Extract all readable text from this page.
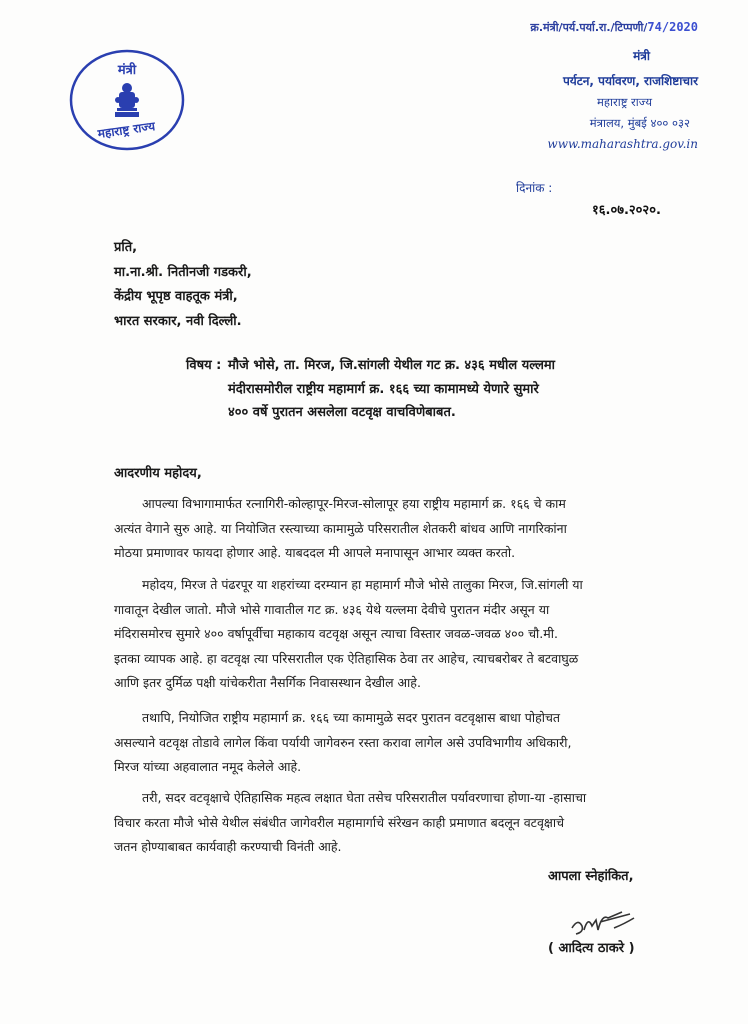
मंत्री
महाराष्ट्र राज्य
क्र.मंत्री/पर्य.पर्या.रा./टिप्पणी/74/2020
मंत्री
पर्यटन, पर्यावरण, राजशिष्टाचार
महाराष्ट्र राज्य
मंत्रालय, मुंबई ४०० ०३२
www.maharashtra.gov.in
दिनांक :
१६.०७.२०२०.
प्रति,
मा.ना.श्री. नितीनजी गडकरी,
केंद्रीय भूपृष्ठ वाहतूक मंत्री,
भारत सरकार, नवी दिल्ली.
विषय : मौजे भोसे, ता. मिरज, जि.सांगली येथील गट क्र. ४३६ मधील यल्लमा
मंदीरासमोरील राष्ट्रीय महामार्ग क्र. १६६ च्या कामामध्ये येणारे सुमारे
४०० वर्षे पुरातन असलेला वटवृक्ष वाचविणेबाबत.
आदरणीय महोदय,
आपल्या विभागामार्फत रत्नागिरी-कोल्हापूर-मिरज-सोलापूर हया राष्ट्रीय महामार्ग क्र. १६६ चे काम
अत्यंत वेगाने सुरु आहे. या नियोजित रस्त्याच्या कामामुळे परिसरातील शेतकरी बांधव आणि नागरिकांना
मोठया प्रमाणावर फायदा होणार आहे. याबददल मी आपले मनापासून आभार व्यक्त करतो.
महोदय, मिरज ते पंढरपूर या शहरांच्या दरम्यान हा महामार्ग मौजे भोसे तालुका मिरज, जि.सांगली या
गावातून देखील जातो. मौजे भोसे गावातील गट क्र. ४३६ येथे यल्लमा देवीचे पुरातन मंदीर असून या
मंदिरासमोरच सुमारे ४०० वर्षापूर्वीचा महाकाय वटवृक्ष असून त्याचा विस्तार जवळ-जवळ ४०० चौ.मी.
इतका व्यापक आहे. हा वटवृक्ष त्या परिसरातील एक ऐतिहासिक ठेवा तर आहेच, त्याचबरोबर ते बटवाघुळ
आणि इतर दुर्मिळ पक्षी यांचेकरीता नैसर्गिक निवासस्थान देखील आहे.
तथापि, नियोजित राष्ट्रीय महामार्ग क्र. १६६ च्या कामामुळे सदर पुरातन वटवृक्षास बाधा पोहोचत
असल्याने वटवृक्ष तोडावे लागेल किंवा पर्यायी जागेवरुन रस्ता करावा लागेल असे उपविभागीय अधिकारी,
मिरज यांच्या अहवालात नमूद केलेले आहे.
तरी, सदर वटवृक्षाचे ऐतिहासिक महत्व लक्षात घेता तसेच परिसरातील पर्यावरणाचा होणा-या -हासाचा
विचार करता मौजे भोसे येथील संबंधीत जागेवरील महामार्गाचे संरेखन काही प्रमाणात बदलून वटवृक्षाचे
जतन होण्याबाबत कार्यवाही करण्याची विनंती आहे.
आपला स्नेहांकित,
( आदित्य ठाकरे )
